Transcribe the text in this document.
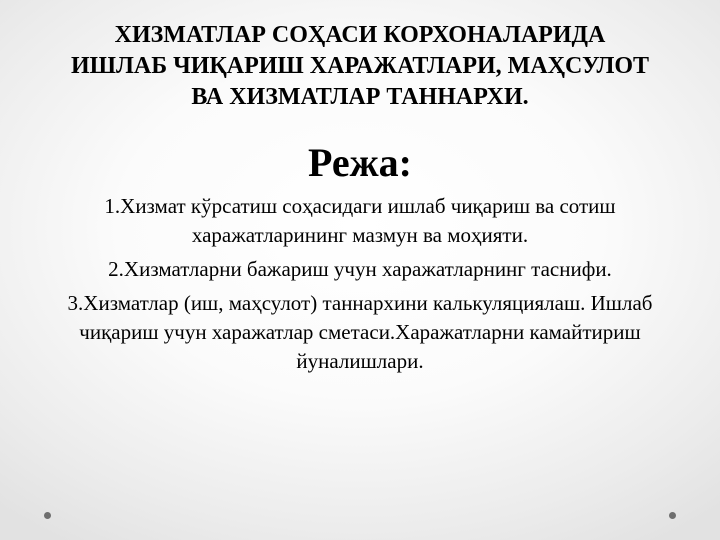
ХИЗМАТЛАР СОҲАСИ КОРХОНАЛАРИДА
ИШЛАБ ЧИҚАРИШ ХАРАЖАТЛАРИ, МАҲСУЛОТ
ВА ХИЗМАТЛАР ТАННАРХИ.
Режа:
1.Хизмат кўрсатиш соҳасидаги ишлаб чиқариш ва сотиш
харажатларининг мазмун ва моҳияти.
2.Хизматларни бажариш учун харажатларнинг таснифи.
3.Хизматлар (иш, маҳсулот) таннархини калькуляциялаш. Ишлаб
чиқариш учун харажатлар сметаси.Харажатларни камайтириш
йуналишлари.
